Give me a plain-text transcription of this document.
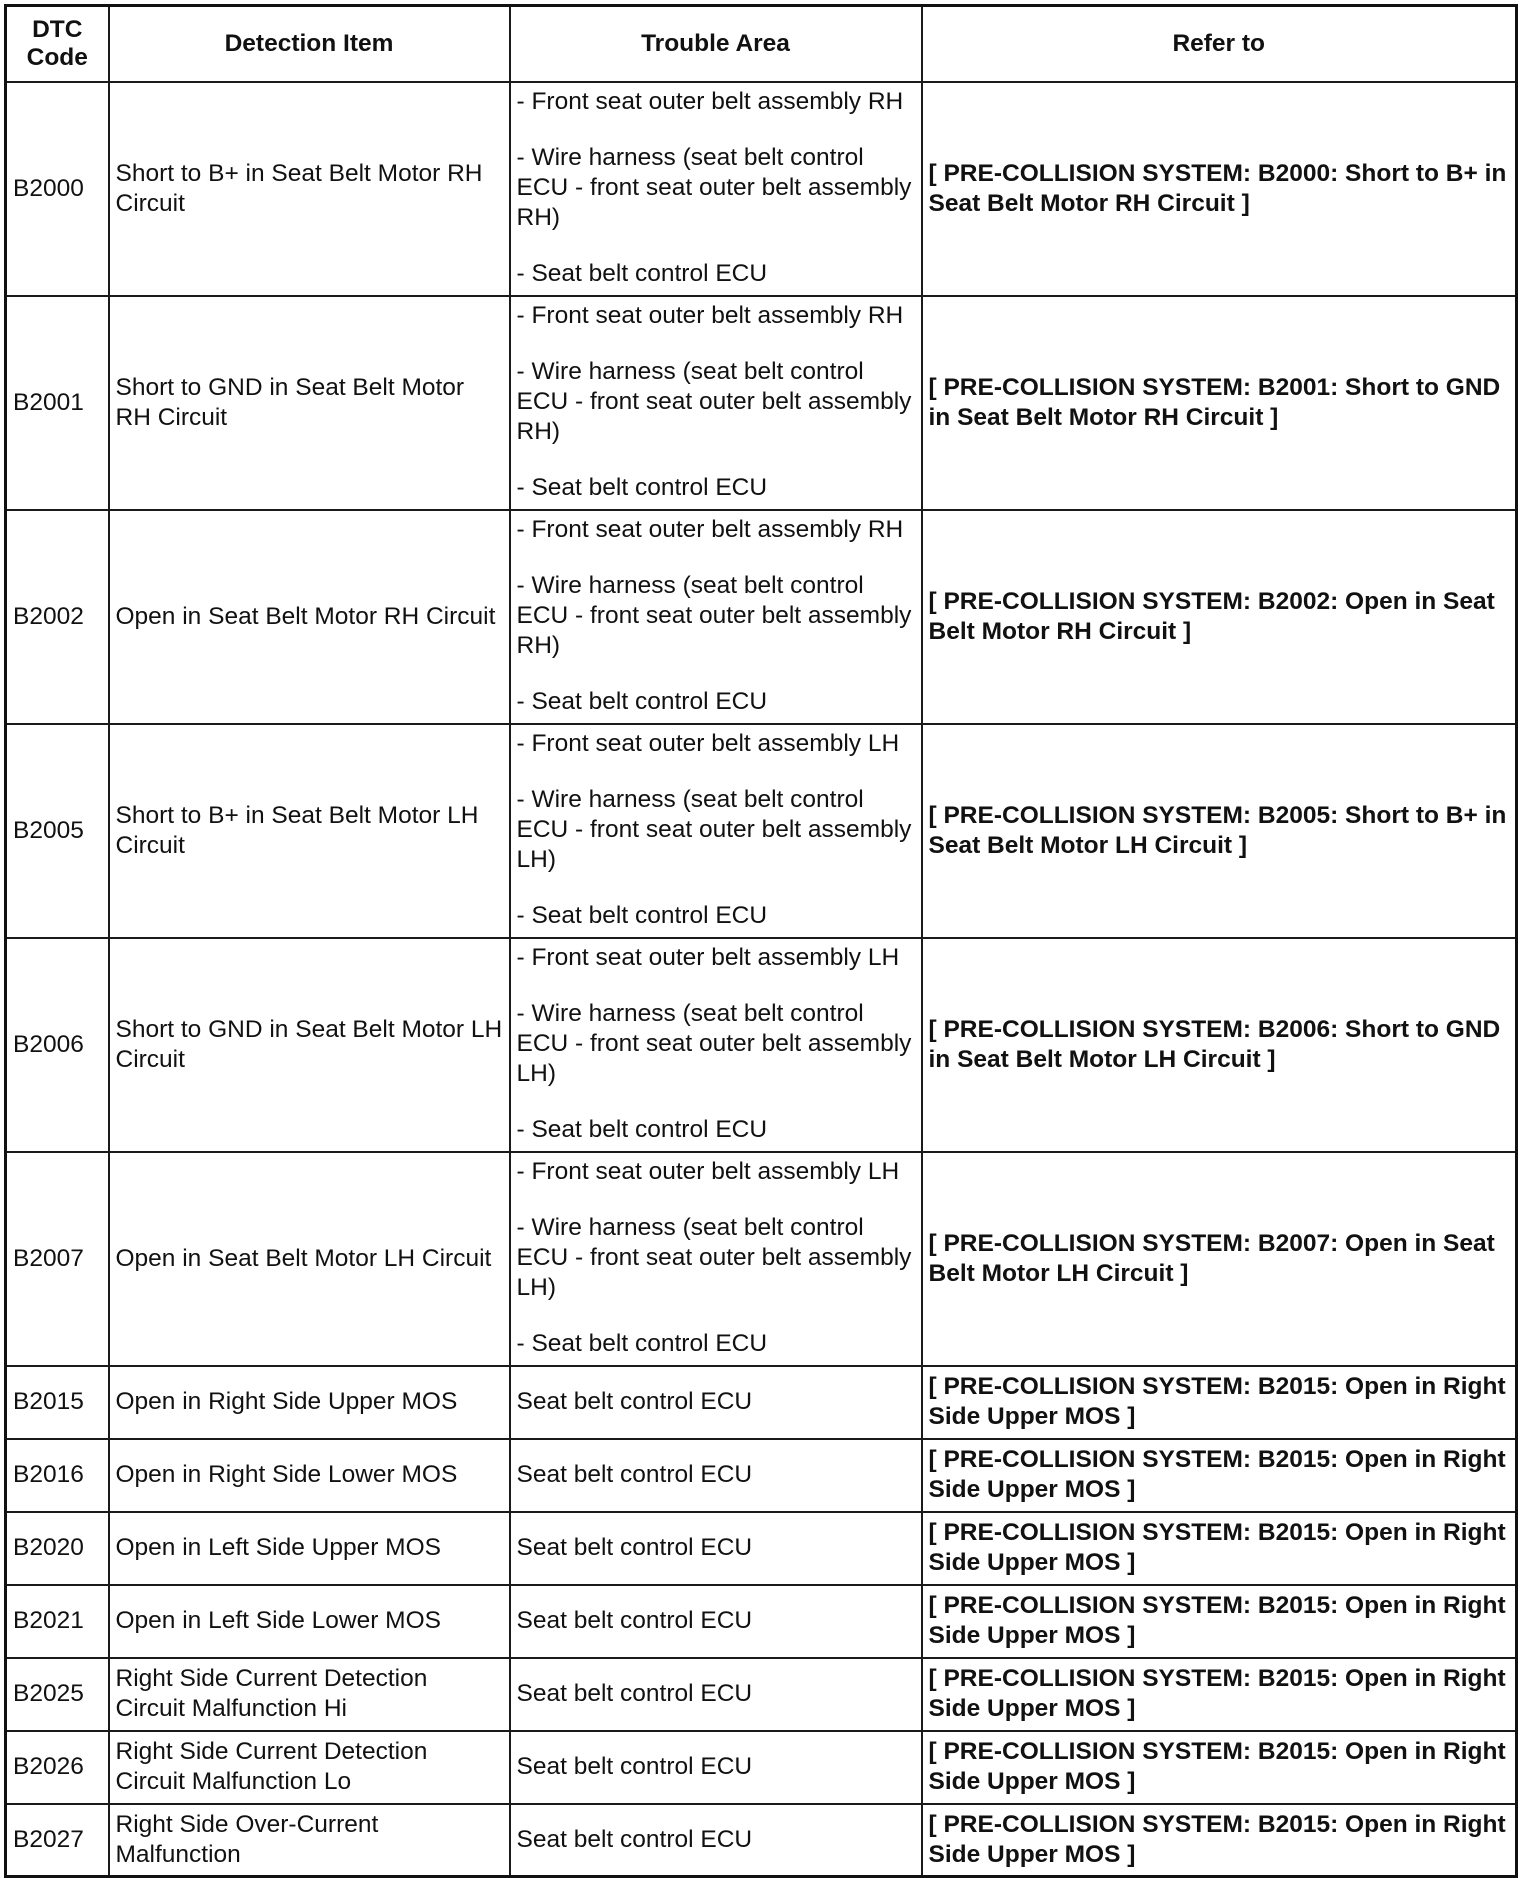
DTC Code	Detection Item	Trouble Area	Refer to
B2000	Short to B+ in Seat Belt Motor RH Circuit	- Front seat outer belt assembly RH
- Wire harness (seat belt control ECU - front seat outer belt assembly RH)
- Seat belt control ECU	[ PRE-COLLISION SYSTEM: B2000: Short to B+ in Seat Belt Motor RH Circuit ]
B2001	Short to GND in Seat Belt Motor RH Circuit	- Front seat outer belt assembly RH
- Wire harness (seat belt control ECU - front seat outer belt assembly RH)
- Seat belt control ECU	[ PRE-COLLISION SYSTEM: B2001: Short to GND in Seat Belt Motor RH Circuit ]
B2002	Open in Seat Belt Motor RH Circuit	- Front seat outer belt assembly RH
- Wire harness (seat belt control ECU - front seat outer belt assembly RH)
- Seat belt control ECU	[ PRE-COLLISION SYSTEM: B2002: Open in Seat Belt Motor RH Circuit ]
B2005	Short to B+ in Seat Belt Motor LH Circuit	- Front seat outer belt assembly LH
- Wire harness (seat belt control ECU - front seat outer belt assembly LH)
- Seat belt control ECU	[ PRE-COLLISION SYSTEM: B2005: Short to B+ in Seat Belt Motor LH Circuit ]
B2006	Short to GND in Seat Belt Motor LH Circuit	- Front seat outer belt assembly LH
- Wire harness (seat belt control ECU - front seat outer belt assembly LH)
- Seat belt control ECU	[ PRE-COLLISION SYSTEM: B2006: Short to GND in Seat Belt Motor LH Circuit ]
B2007	Open in Seat Belt Motor LH Circuit	- Front seat outer belt assembly LH
- Wire harness (seat belt control ECU - front seat outer belt assembly LH)
- Seat belt control ECU	[ PRE-COLLISION SYSTEM: B2007: Open in Seat Belt Motor LH Circuit ]
B2015	Open in Right Side Upper MOS	Seat belt control ECU	[ PRE-COLLISION SYSTEM: B2015: Open in Right Side Upper MOS ]
B2016	Open in Right Side Lower MOS	Seat belt control ECU	[ PRE-COLLISION SYSTEM: B2015: Open in Right Side Upper MOS ]
B2020	Open in Left Side Upper MOS	Seat belt control ECU	[ PRE-COLLISION SYSTEM: B2015: Open in Right Side Upper MOS ]
B2021	Open in Left Side Lower MOS	Seat belt control ECU	[ PRE-COLLISION SYSTEM: B2015: Open in Right Side Upper MOS ]
B2025	Right Side Current Detection Circuit Malfunction Hi	Seat belt control ECU	[ PRE-COLLISION SYSTEM: B2015: Open in Right Side Upper MOS ]
B2026	Right Side Current Detection Circuit Malfunction Lo	Seat belt control ECU	[ PRE-COLLISION SYSTEM: B2015: Open in Right Side Upper MOS ]
B2027	Right Side Over-Current Malfunction	Seat belt control ECU	[ PRE-COLLISION SYSTEM: B2015: Open in Right Side Upper MOS ]
